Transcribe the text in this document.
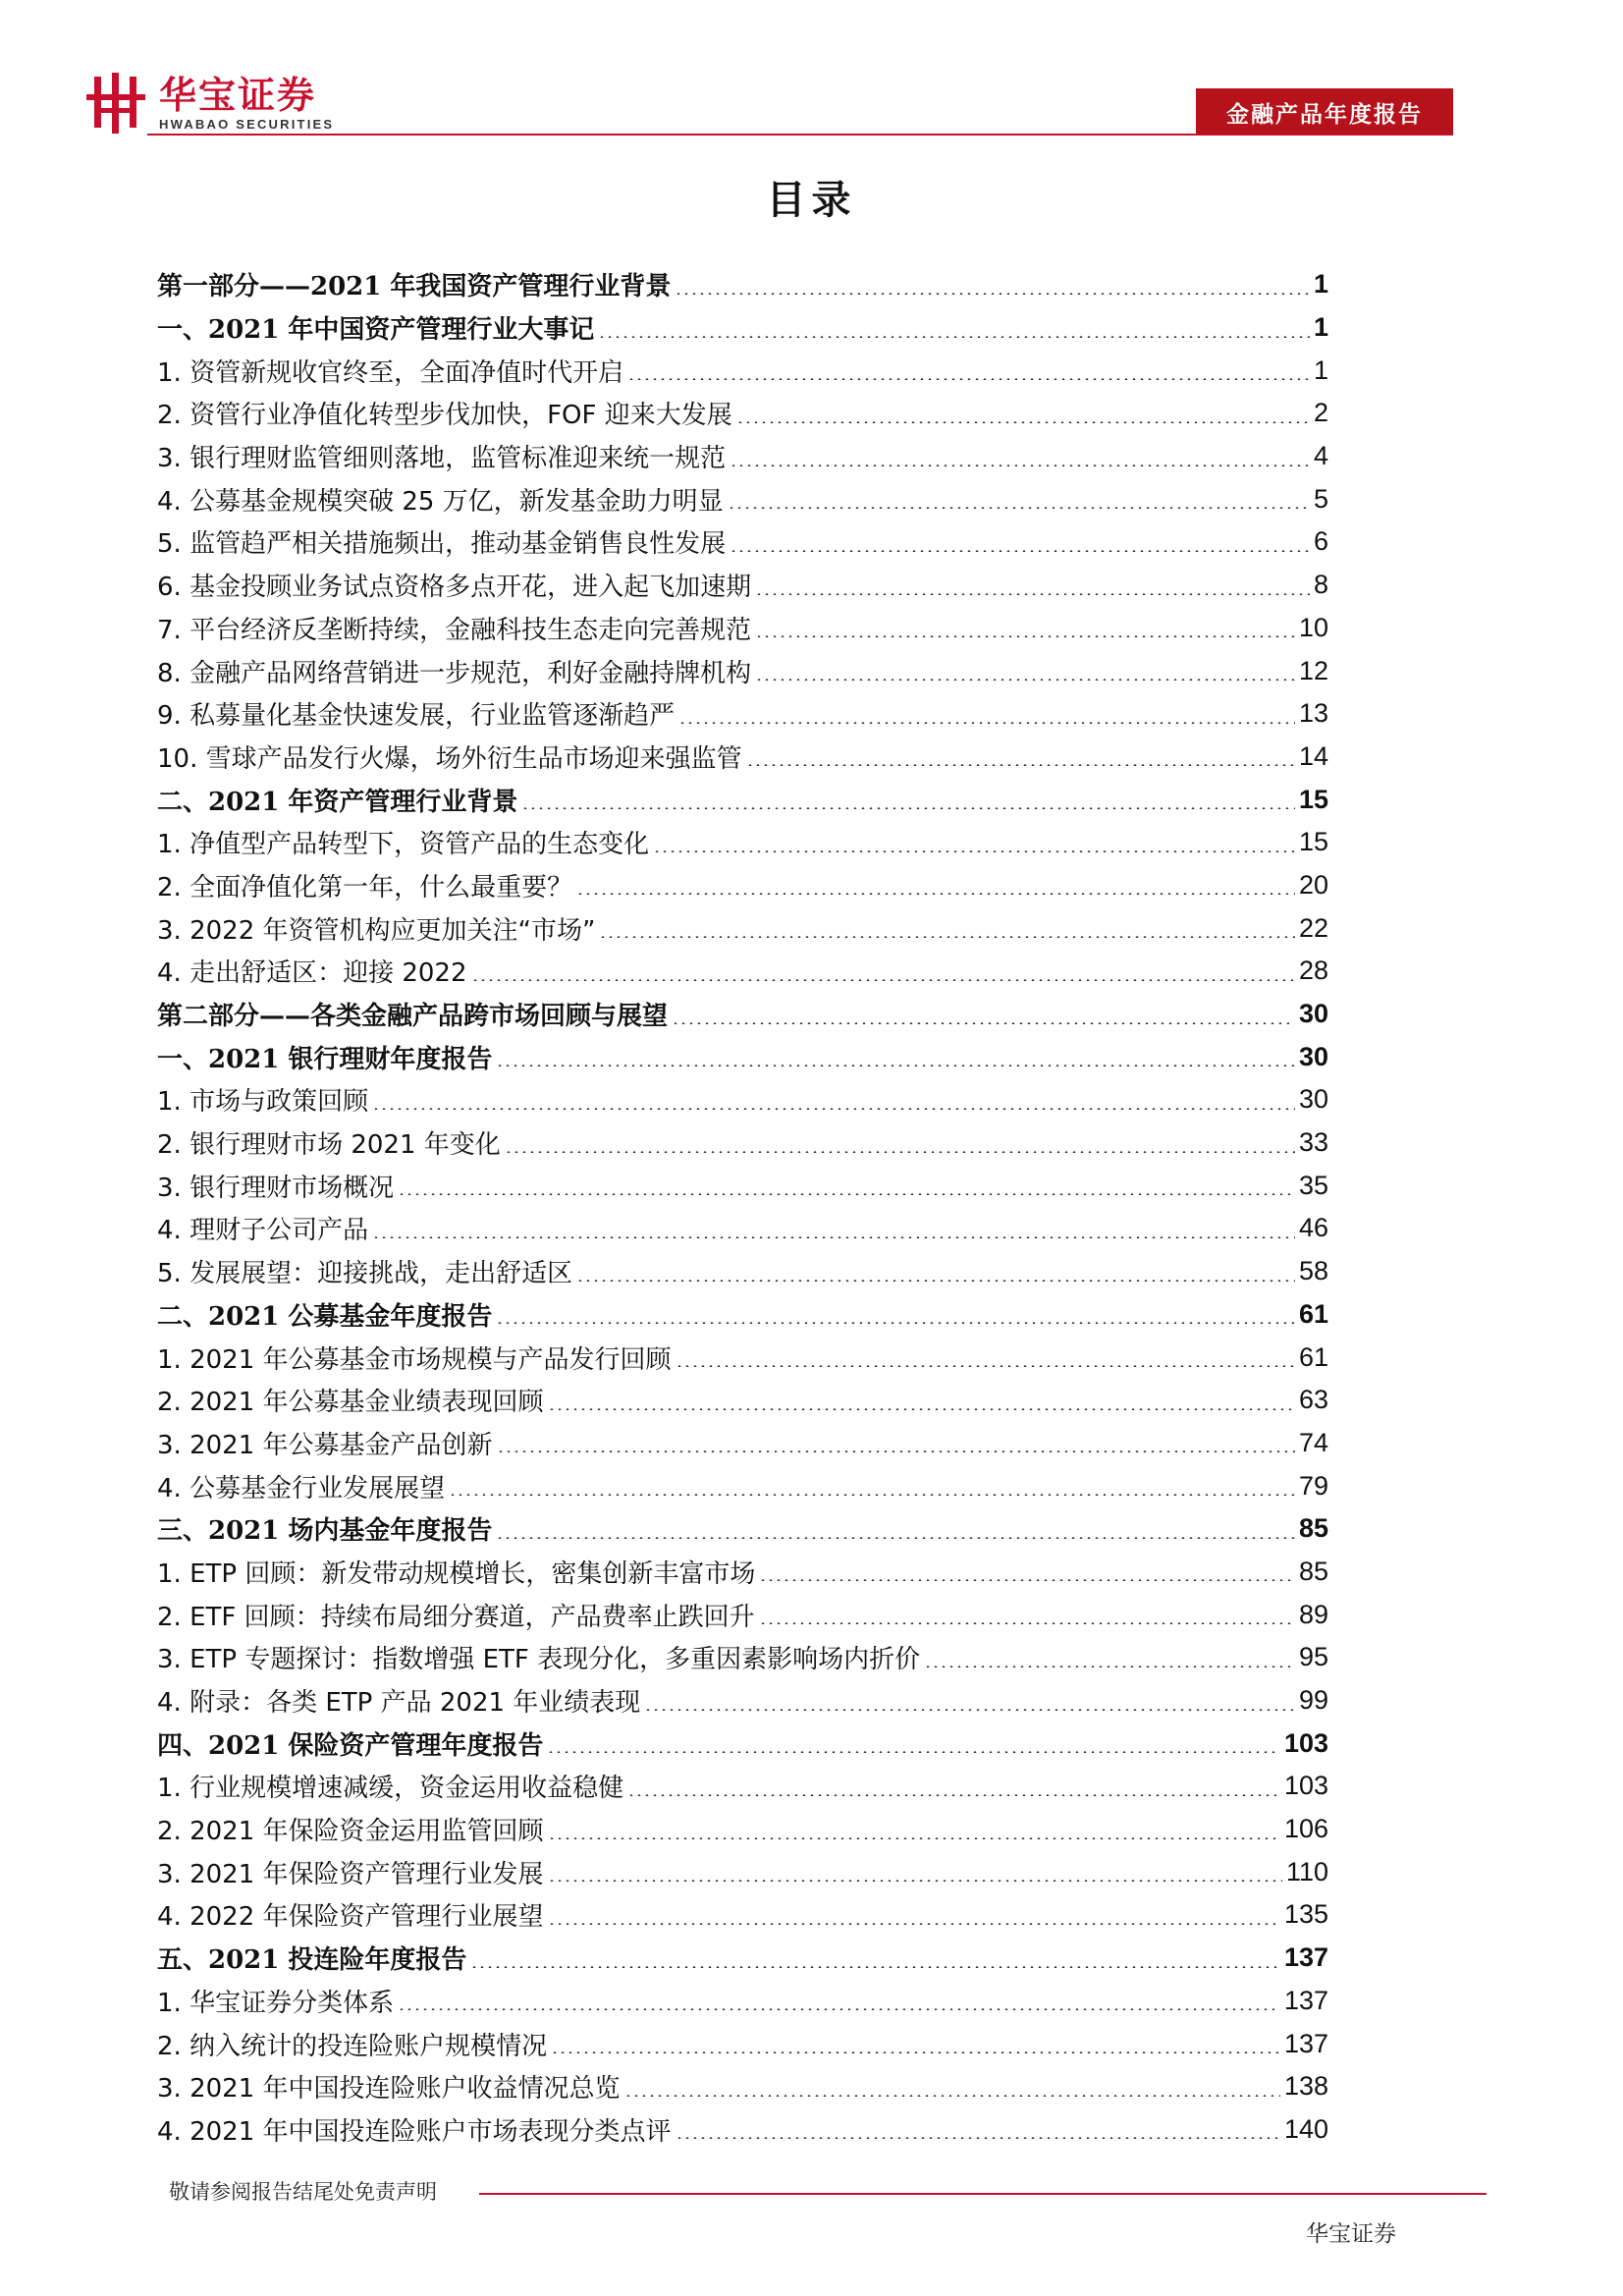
华宝证券
HWABAO SECURITIES	金融产品年度报告
目录
第一部分——2021 年我国资产管理行业背景	1
一、2021 年中国资产管理行业大事记	1
1. 资管新规收官终至，全面净值时代开启	1
2. 资管行业净值化转型步伐加快，FOF 迎来大发展	2
3. 银行理财监管细则落地，监管标准迎来统一规范	4
4. 公募基金规模突破 25 万亿，新发基金助力明显	5
5. 监管趋严相关措施频出，推动基金销售良性发展	6
6. 基金投顾业务试点资格多点开花，进入起飞加速期	8
7. 平台经济反垄断持续，金融科技生态走向完善规范	10
8. 金融产品网络营销进一步规范，利好金融持牌机构	12
9. 私募量化基金快速发展，行业监管逐渐趋严	13
10. 雪球产品发行火爆，场外衍生品市场迎来强监管	14
二、2021 年资产管理行业背景	15
1. 净值型产品转型下，资管产品的生态变化	15
2. 全面净值化第一年，什么最重要？	20
3. 2022 年资管机构应更加关注“市场”	22
4. 走出舒适区：迎接 2022	28
第二部分——各类金融产品跨市场回顾与展望	30
一、2021 银行理财年度报告	30
1. 市场与政策回顾	30
2. 银行理财市场 2021 年变化	33
3. 银行理财市场概况	35
4. 理财子公司产品	46
5. 发展展望：迎接挑战，走出舒适区	58
二、2021 公募基金年度报告	61
1. 2021 年公募基金市场规模与产品发行回顾	61
2. 2021 年公募基金业绩表现回顾	63
3. 2021 年公募基金产品创新	74
4. 公募基金行业发展展望	79
三、2021 场内基金年度报告	85
1. ETP 回顾：新发带动规模增长，密集创新丰富市场	85
2. ETF 回顾：持续布局细分赛道，产品费率止跌回升	89
3. ETP 专题探讨：指数增强 ETF 表现分化，多重因素影响场内折价	95
4. 附录：各类 ETP 产品 2021 年业绩表现	99
四、2021 保险资产管理年度报告	103
1. 行业规模增速减缓，资金运用收益稳健	103
2. 2021 年保险资金运用监管回顾	106
3. 2021 年保险资产管理行业发展	110
4. 2022 年保险资产管理行业展望	135
五、2021 投连险年度报告	137
1. 华宝证券分类体系	137
2. 纳入统计的投连险账户规模情况	137
3. 2021 年中国投连险账户收益情况总览	138
4. 2021 年中国投连险账户市场表现分类点评	140
敬请参阅报告结尾处免责声明
华宝证券
